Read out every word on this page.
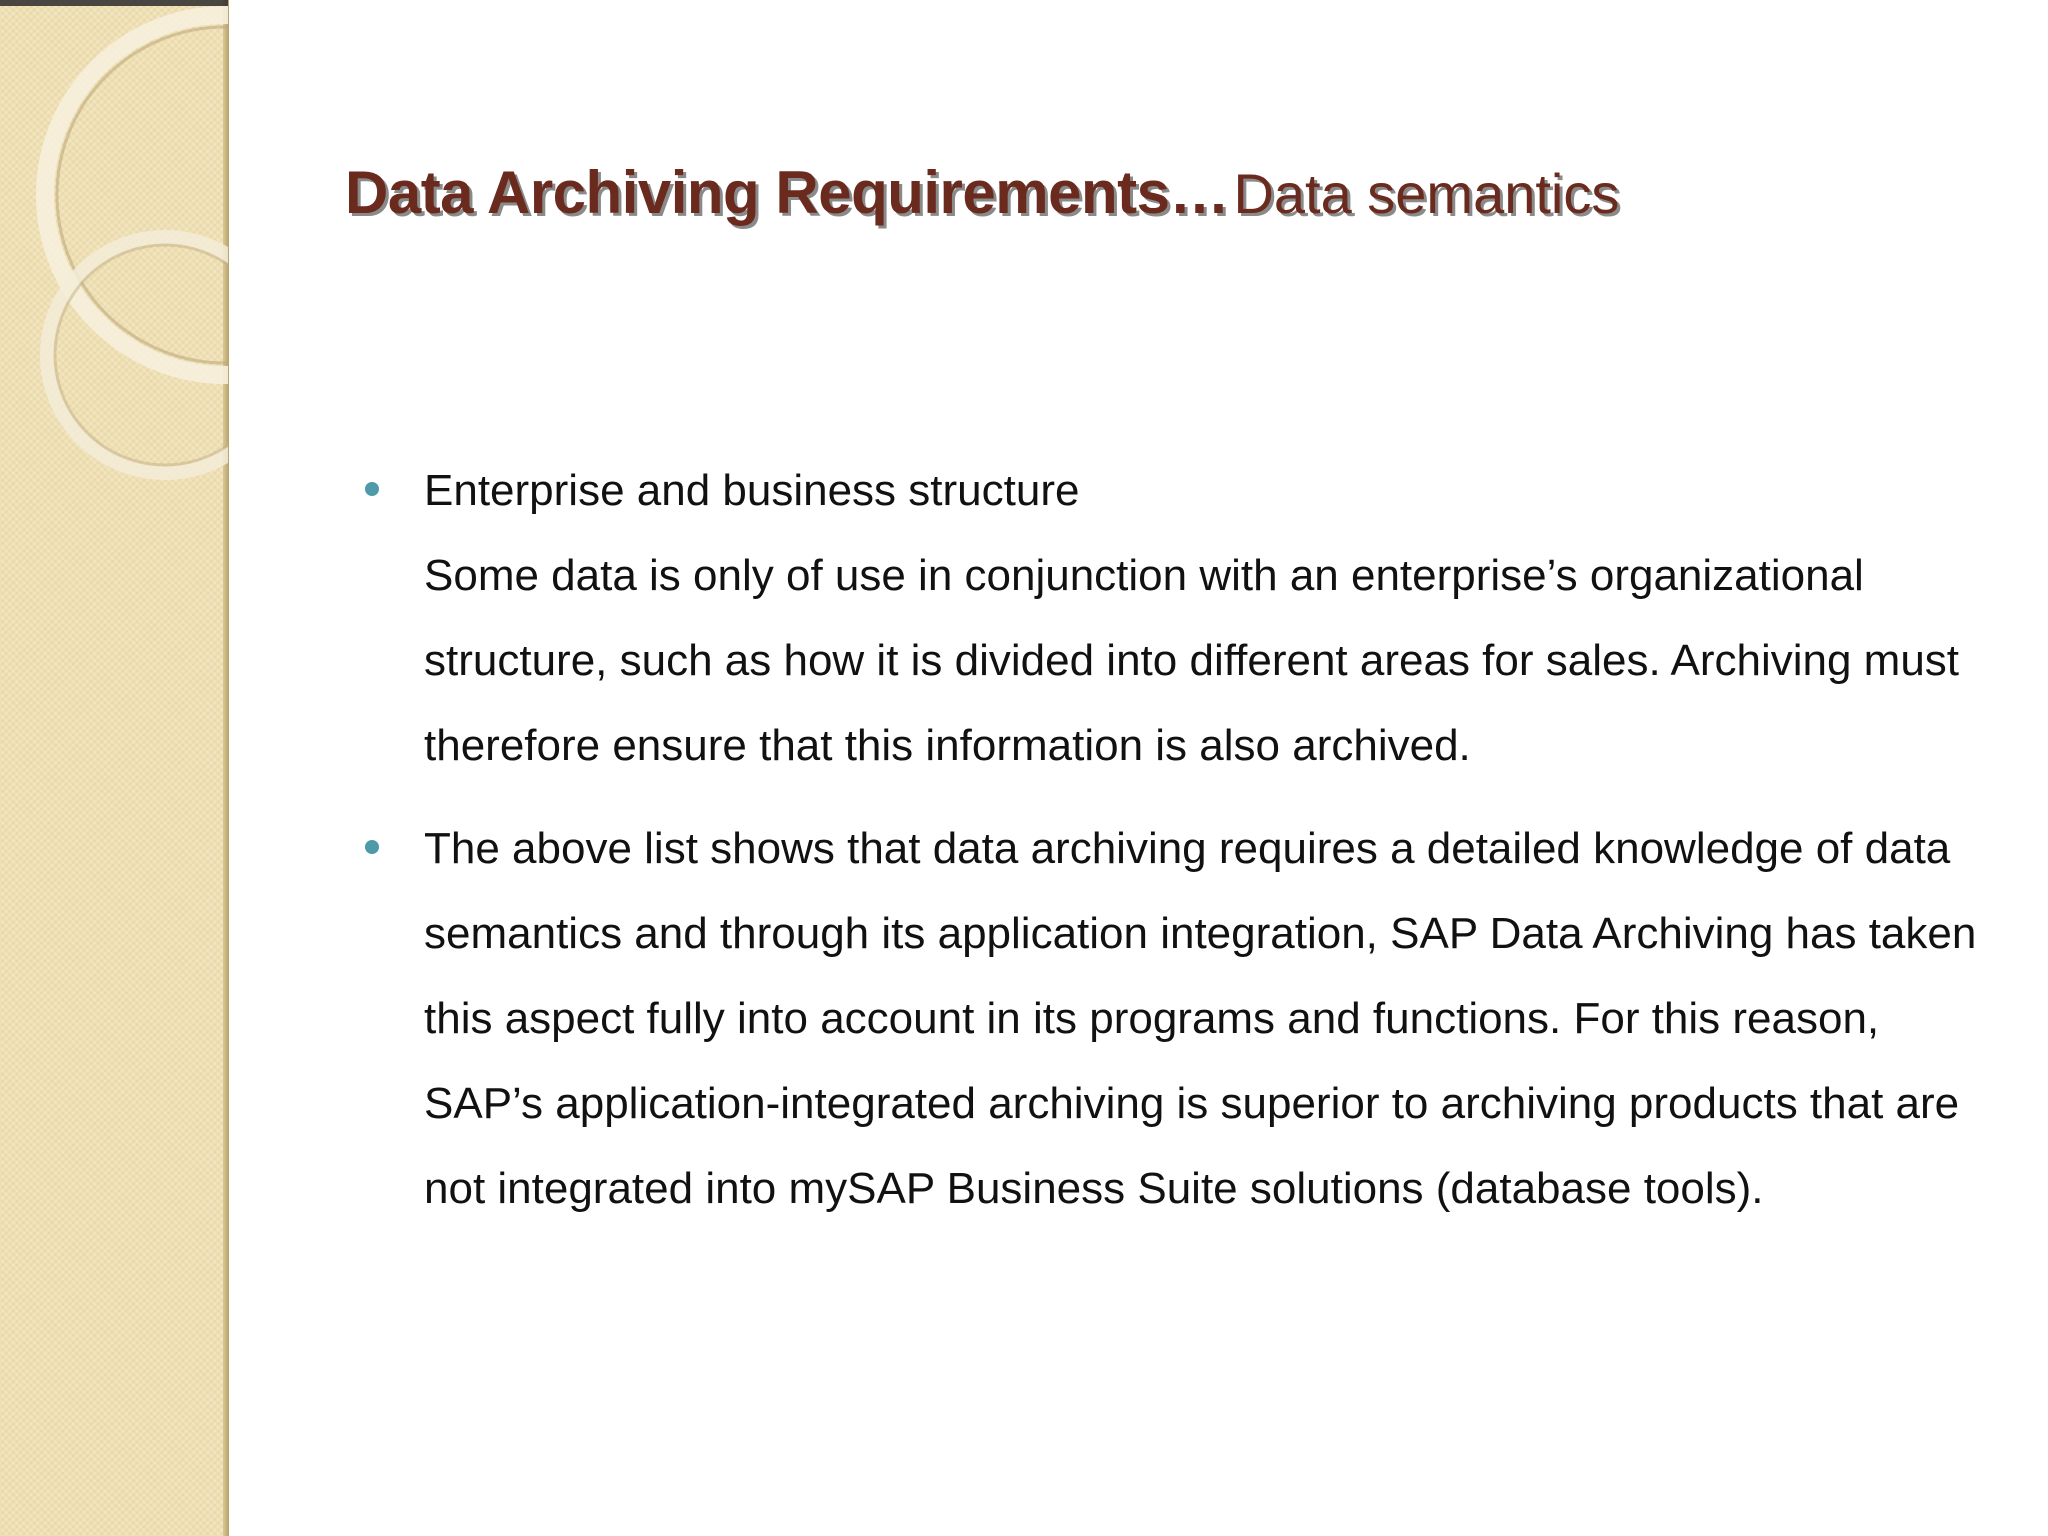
Data Archiving Requirements… Data semantics
Enterprise and business structure
Some data is only of use in conjunction with an enterprise’s organizational structure, such as how it is divided into different areas for sales. Archiving must therefore ensure that this information is also archived.
The above list shows that data archiving requires a detailed knowledge of data semantics and through its application integration, SAP Data Archiving has taken this aspect fully into account in its programs and functions. For this reason, SAP’s application-integrated archiving is superior to archiving products that are not integrated into mySAP Business Suite solutions (database tools).
